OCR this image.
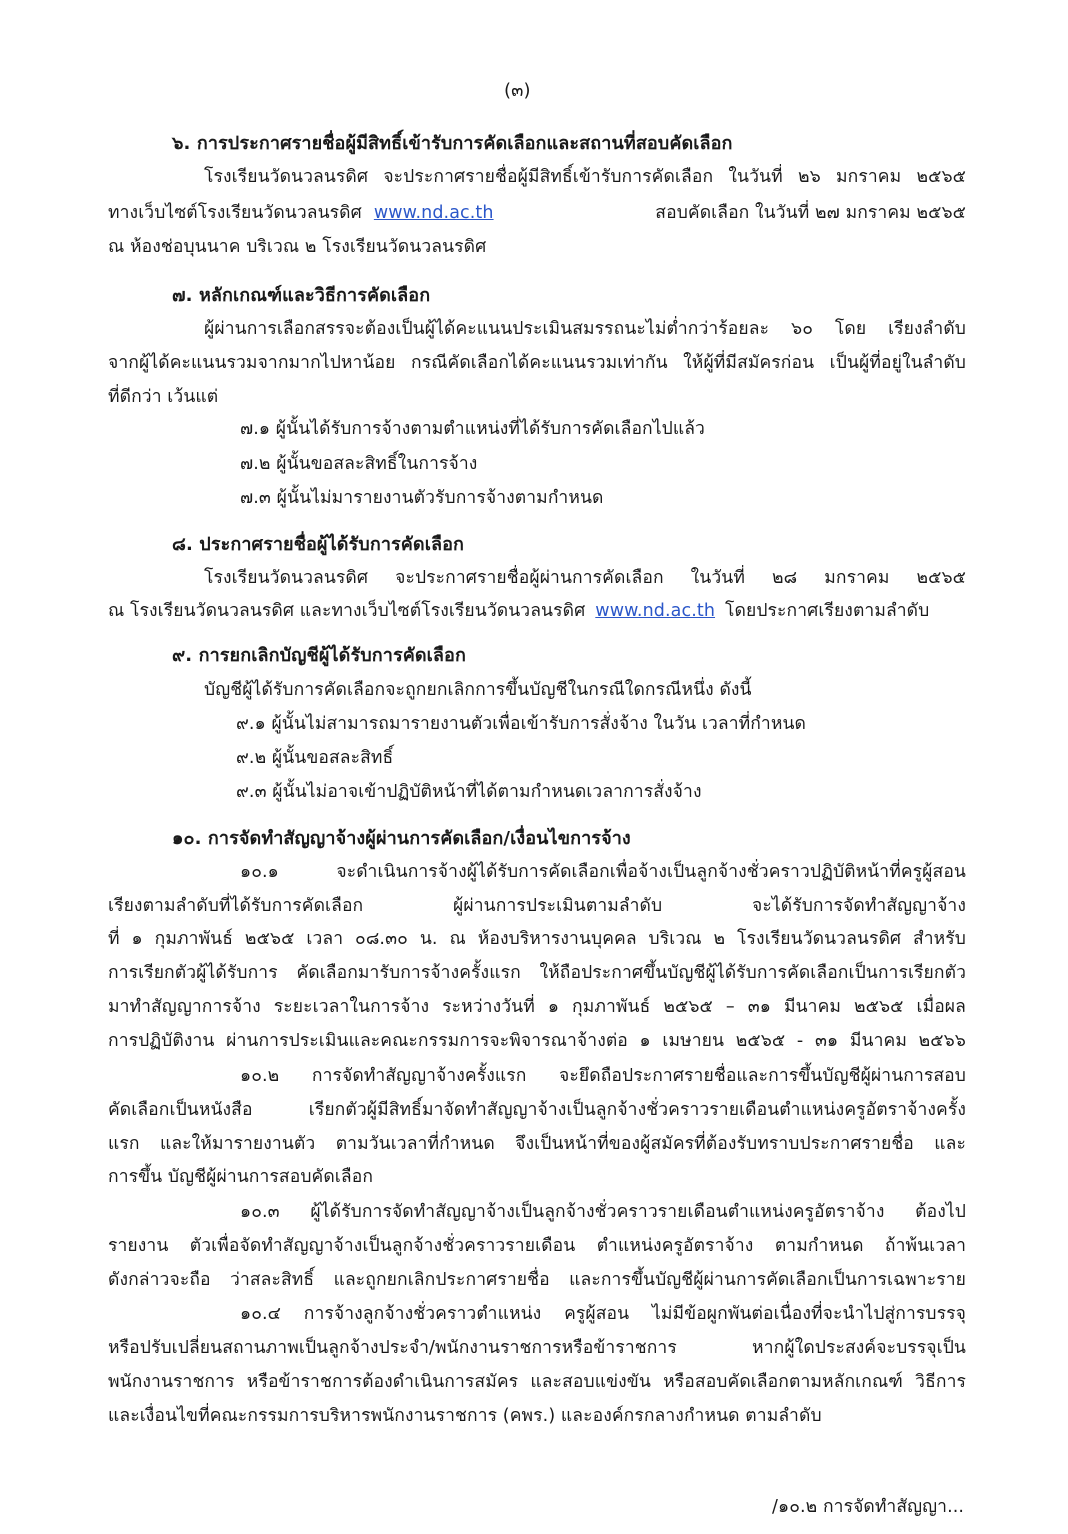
(๓)
๖. การประกาศรายชื่อผู้มีสิทธิ์เข้ารับการคัดเลือกและสถานที่สอบคัดเลือก
โรงเรียนวัดนวลนรดิศ จะประกาศรายชื่อผู้มีสิทธิ์เข้ารับการคัดเลือก ในวันที่ ๒๖ มกราคม ๒๕๖๕
ทางเว็บไซต์โรงเรียนวัดนวลนรดิศ www.nd.ac.th	สอบคัดเลือก ในวันที่ ๒๗ มกราคม ๒๕๖๕
ณ ห้องช่อบุนนาค บริเวณ ๒ โรงเรียนวัดนวลนรดิศ
๗. หลักเกณฑ์และวิธีการคัดเลือก
ผู้ผ่านการเลือกสรรจะต้องเป็นผู้ได้คะแนนประเมินสมรรถนะไม่ต่ำกว่าร้อยละ ๖๐ โดย เรียงลำดับ
จากผู้ได้คะแนนรวมจากมากไปหาน้อย กรณีคัดเลือกได้คะแนนรวมเท่ากัน ให้ผู้ที่มีสมัครก่อน เป็นผู้ที่อยู่ในลำดับ
ที่ดีกว่า เว้นแต่
๗.๑ ผู้นั้นได้รับการจ้างตามตำแหน่งที่ได้รับการคัดเลือกไปแล้ว
๗.๒ ผู้นั้นขอสละสิทธิ์ในการจ้าง
๗.๓ ผู้นั้นไม่มารายงานตัวรับการจ้างตามกำหนด
๘. ประกาศรายชื่อผู้ได้รับการคัดเลือก
โรงเรียนวัดนวลนรดิศ จะประกาศรายชื่อผู้ผ่านการคัดเลือก ในวันที่ ๒๘ มกราคม ๒๕๖๕
ณ โรงเรียนวัดนวลนรดิศ และทางเว็บไซต์โรงเรียนวัดนวลนรดิศ www.nd.ac.th โดยประกาศเรียงตามลำดับ
๙. การยกเลิกบัญชีผู้ได้รับการคัดเลือก
บัญชีผู้ได้รับการคัดเลือกจะถูกยกเลิกการขึ้นบัญชีในกรณีใดกรณีหนึ่ง ดังนี้
๙.๑ ผู้นั้นไม่สามารถมารายงานตัวเพื่อเข้ารับการสั่งจ้าง ในวัน เวลาที่กำหนด
๙.๒ ผู้นั้นขอสละสิทธิ์
๙.๓ ผู้นั้นไม่อาจเข้าปฏิบัติหน้าที่ได้ตามกำหนดเวลาการสั่งจ้าง
๑๐. การจัดทำสัญญาจ้างผู้ผ่านการคัดเลือก/เงื่อนไขการจ้าง
๑๐.๑ จะดำเนินการจ้างผู้ได้รับการคัดเลือกเพื่อจ้างเป็นลูกจ้างชั่วคราวปฏิบัติหน้าที่ครูผู้สอน
เรียงตามลำดับที่ได้รับการคัดเลือก ผู้ผ่านการประเมินตามลำดับ จะได้รับการจัดทำสัญญาจ้าง
ที่ ๑ กุมภาพันธ์ ๒๕๖๕ เวลา ๐๘.๓๐ น. ณ ห้องบริหารงานบุคคล บริเวณ ๒ โรงเรียนวัดนวลนรดิศ สำหรับ
การเรียกตัวผู้ได้รับการ คัดเลือกมารับการจ้างครั้งแรก ให้ถือประกาศขึ้นบัญชีผู้ได้รับการคัดเลือกเป็นการเรียกตัว
มาทำสัญญาการจ้าง ระยะเวลาในการจ้าง ระหว่างวันที่ ๑ กุมภาพันธ์ ๒๕๖๕ – ๓๑ มีนาคม ๒๕๖๕ เมื่อผล
การปฏิบัติงาน ผ่านการประเมินและคณะกรรมการจะพิจารณาจ้างต่อ ๑ เมษายน ๒๕๖๕ - ๓๑ มีนาคม ๒๕๖๖
๑๐.๒ การจัดทำสัญญาจ้างครั้งแรก จะยึดถือประกาศรายชื่อและการขึ้นบัญชีผู้ผ่านการสอบ
คัดเลือกเป็นหนังสือ เรียกตัวผู้มีสิทธิ์มาจัดทำสัญญาจ้างเป็นลูกจ้างชั่วคราวรายเดือนตำแหน่งครูอัตราจ้างครั้ง
แรก และให้มารายงานตัว ตามวันเวลาที่กำหนด จึงเป็นหน้าที่ของผู้สมัครที่ต้องรับทราบประกาศรายชื่อ และ
การขึ้น บัญชีผู้ผ่านการสอบคัดเลือก
๑๐.๓ ผู้ได้รับการจัดทำสัญญาจ้างเป็นลูกจ้างชั่วคราวรายเดือนตำแหน่งครูอัตราจ้าง ต้องไป
รายงาน ตัวเพื่อจัดทำสัญญาจ้างเป็นลูกจ้างชั่วคราวรายเดือน ตำแหน่งครูอัตราจ้าง ตามกำหนด ถ้าพ้นเวลา
ดังกล่าวจะถือ ว่าสละสิทธิ์ และถูกยกเลิกประกาศรายชื่อ และการขึ้นบัญชีผู้ผ่านการคัดเลือกเป็นการเฉพาะราย
๑๐.๔ การจ้างลูกจ้างชั่วคราวตำแหน่ง ครูผู้สอน ไม่มีข้อผูกพันต่อเนื่องที่จะนำไปสู่การบรรจุ
หรือปรับเปลี่ยนสถานภาพเป็นลูกจ้างประจำ/พนักงานราชการหรือข้าราชการ หากผู้ใดประสงค์จะบรรจุเป็น
พนักงานราชการ หรือข้าราชการต้องดำเนินการสมัคร และสอบแข่งขัน หรือสอบคัดเลือกตามหลักเกณฑ์ วิธีการ
และเงื่อนไขที่คณะกรรมการบริหารพนักงานราชการ (คพร.) และองค์กรกลางกำหนด ตามลำดับ
/๑๐.๒ การจัดทำสัญญา...
